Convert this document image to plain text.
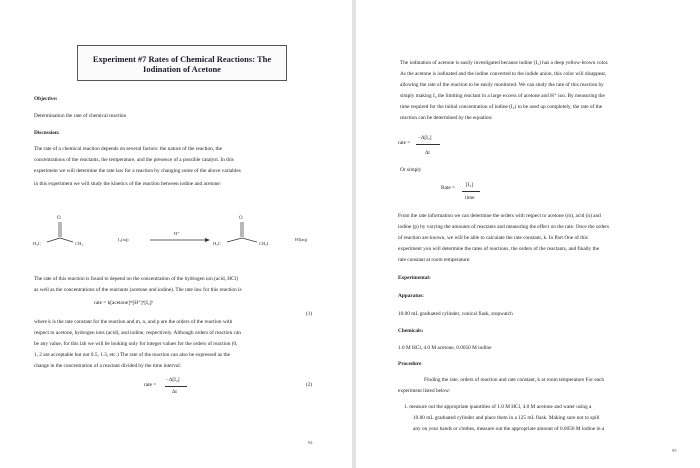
Experiment #7 Rates of Chemical Reactions: The
Iodination of Acetone
Objective:
Determination the rate of chemical reaction
Discussion:
The rate of a chemical reaction depends on several factors: the nature of the reaction, the
concentrations of the reactants, the temperature, and the presence of a possible catalyst. In this
experiment we will determine the rate law for a reaction by changing some of the above variables
in this experiment we will study the kinetics of the reaction between iodine and acetone:
O	O
H₃C	CH₃
I₂(aq)
H⁺
H₃C	CH₂I
HI(aq)
The rate of this reaction is found to depend on the concentration of the hydrogen ion (acid, HCl)
as well as the concentrations of the reactants (acetone and iodine). The rate law for this reaction is
rate = k[acetone]ᵐ[H⁺]ⁿ[I₂]ᵖ
(1)
where k is the rate constant for the reaction and m, n, and p are the orders of the reaction with
respect to acetone, hydrogen ions (acid), and iodine, respectively. Although orders of reaction can
be any value, for this lab we will be looking only for integer values for the orders of reaction (0,
1, 2 are acceptable but not 0.5, 1.3, etc.) The rate of the reaction can also be expressed as the
change in the concentration of a reactant divided by the time interval:
rate =
−Δ[I₂]
Δt
(2)
94
The iodination of acetone is easily investigated because iodine (I₂) has a deep yellow-brown color.
As the acetone is iodinated and the iodine converted to the iodide anion, this color will disappear,
allowing the rate of the reaction to be easily monitored. We can study the rate of this reaction by
simply making I₂ the limiting reactant in a large excess of acetone and H⁺ ion. By measuring the
time required for the initial concentration of iodine (I₂) to be used up completely, the rate of the
reaction can be determined by the equation:
rate =
−Δ[I₂]
Δt
Or simply
Rate = [I₂]
time
From the rate information we can determine the orders with respect to acetone (m), acid (n) and
iodine (p) by varying the amounts of reactants and measuring the effect on the rate. Once the orders
of reaction are known, we will be able to calculate the rate constant, k. In Part One of this
experiment you will determine the rates of reactions, the orders of the reactants, and finally the
rate constant at room temperature.
Experimental:
Apparatus:
10.00 mL graduated cylinder, conical flask, stopwatch
Chemicals:
1.0 M HCl, 4.0 M acetone, 0.0050 M iodine
Procedure
Finding the rate, orders of reaction and rate constant, k at room temperature For each
experiment listed below:
1. measure out the appropriate quantities of 1.0 M HCl, 4.0 M acetone and water using a
10.00 mL graduated cylinder and place them in a 125 mL flask. Making sure not to spill
any on your hands or clothes, measure out the appropriate amount of 0.0050 M iodine in a
95
